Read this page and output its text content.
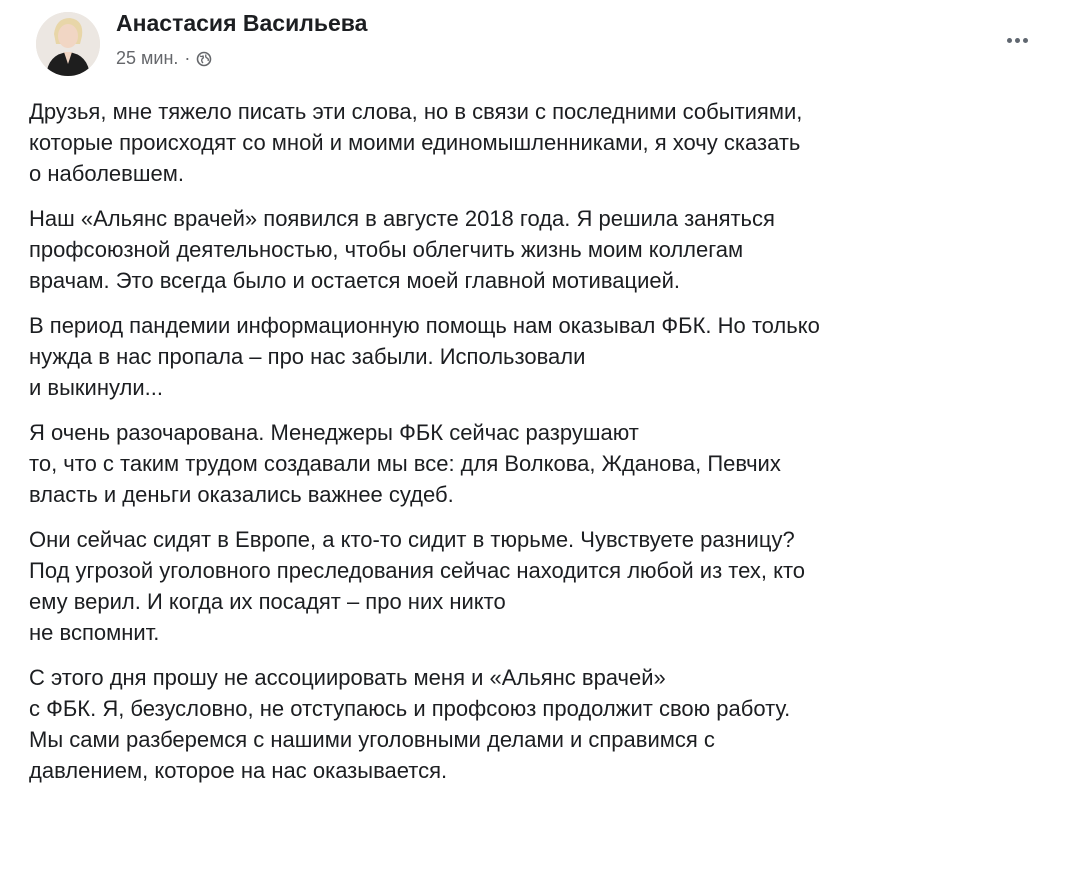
Анастасия Васильева
25 мин. ·

Друзья, мне тяжело писать эти слова, но в связи с последними событиями,
которые происходят со мной и моими единомышленниками, я хочу сказать
о наболевшем.

Наш «Альянс врачей» появился в августе 2018 года. Я решила заняться
профсоюзной деятельностью, чтобы облегчить жизнь моим коллегам
врачам. Это всегда было и остается моей главной мотивацией.

В период пандемии информационную помощь нам оказывал ФБК. Но только
нужда в нас пропала – про нас забыли. Использовали
и выкинули...

Я очень разочарована. Менеджеры ФБК сейчас разрушают
то, что с таким трудом создавали мы все: для Волкова, Жданова, Певчих
власть и деньги оказались важнее судеб.

Они сейчас сидят в Европе, а кто-то сидит в тюрьме. Чувствуете разницу?
Под угрозой уголовного преследования сейчас находится любой из тех, кто
ему верил. И когда их посадят – про них никто
не вспомнит.

С этого дня прошу не ассоциировать меня и «Альянс врачей»
с ФБК. Я, безусловно, не отступаюсь и профсоюз продолжит свою работу.
Мы сами разберемся с нашими уголовными делами и справимся с
давлением, которое на нас оказывается.
